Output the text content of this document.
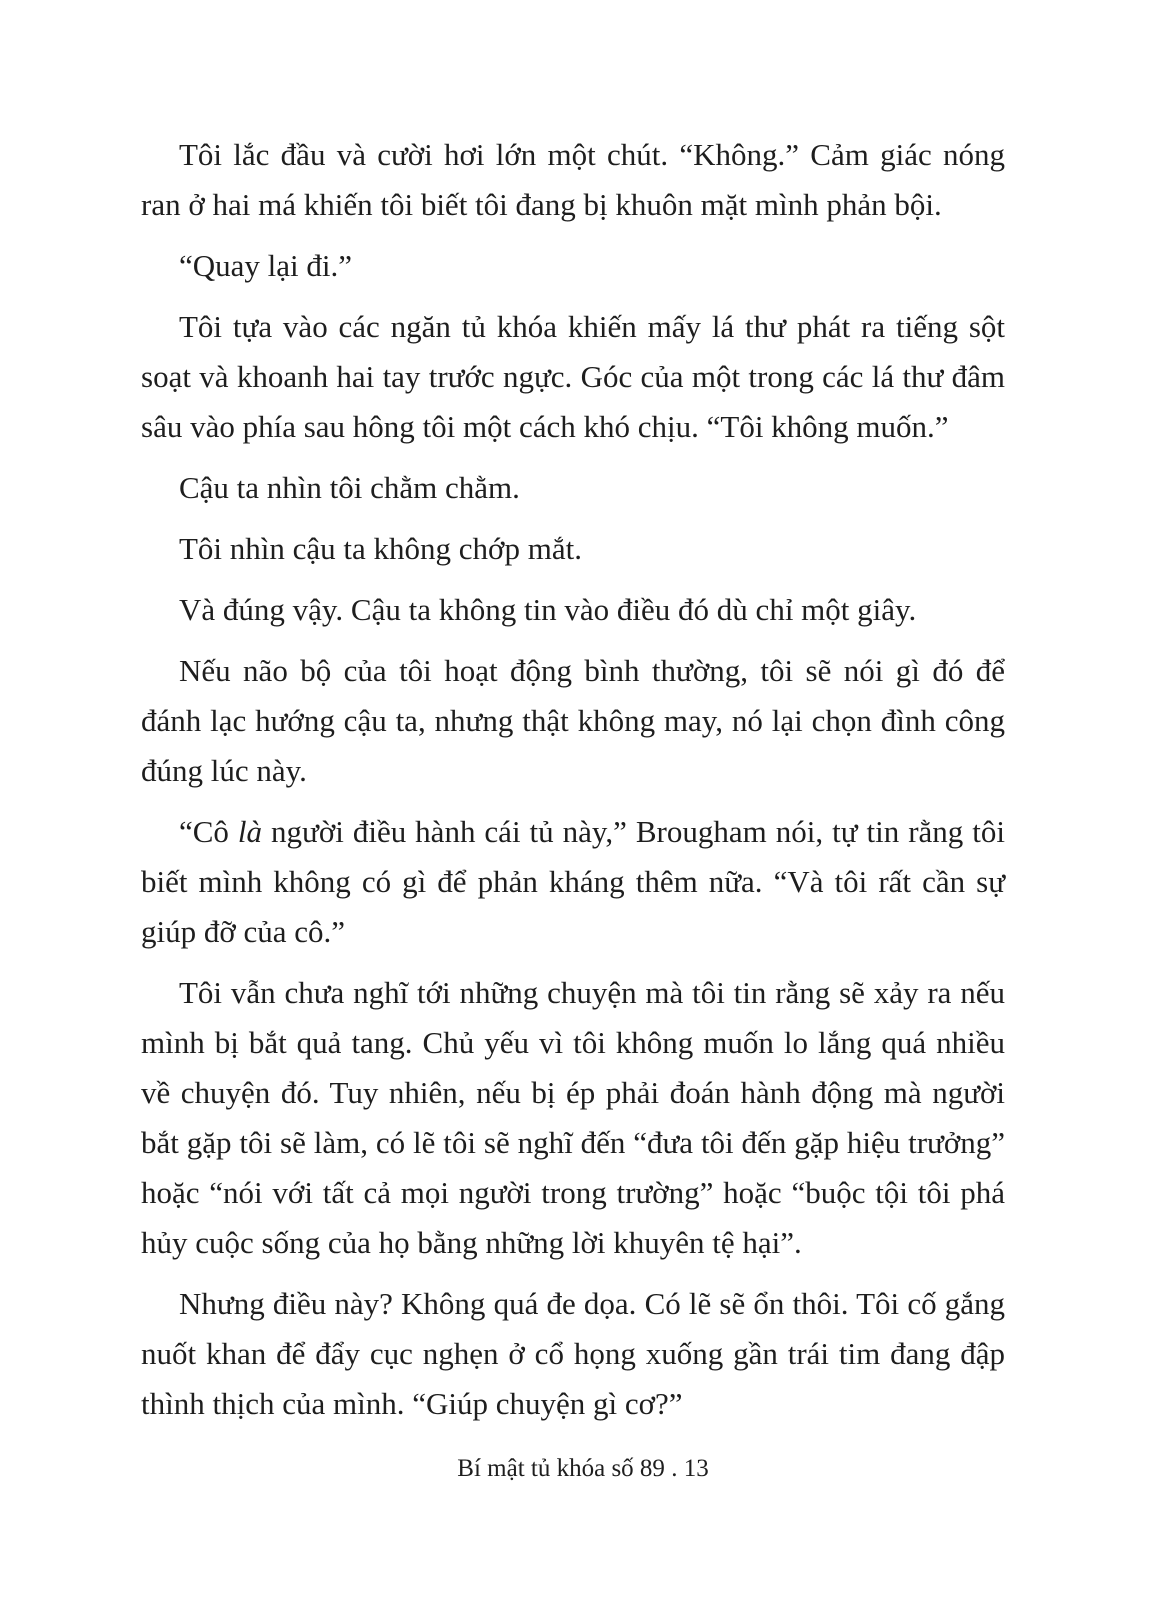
Tôi lắc đầu và cười hơi lớn một chút. “Không.” Cảm giác nóng ran ở hai má khiến tôi biết tôi đang bị khuôn mặt mình phản bội.

“Quay lại đi.”

Tôi tựa vào các ngăn tủ khóa khiến mấy lá thư phát ra tiếng sột soạt và khoanh hai tay trước ngực. Góc của một trong các lá thư đâm sâu vào phía sau hông tôi một cách khó chịu. “Tôi không muốn.”

Cậu ta nhìn tôi chằm chằm.

Tôi nhìn cậu ta không chớp mắt.

Và đúng vậy. Cậu ta không tin vào điều đó dù chỉ một giây.

Nếu não bộ của tôi hoạt động bình thường, tôi sẽ nói gì đó để đánh lạc hướng cậu ta, nhưng thật không may, nó lại chọn đình công đúng lúc này.

“Cô là người điều hành cái tủ này,” Brougham nói, tự tin rằng tôi biết mình không có gì để phản kháng thêm nữa. “Và tôi rất cần sự giúp đỡ của cô.”

Tôi vẫn chưa nghĩ tới những chuyện mà tôi tin rằng sẽ xảy ra nếu mình bị bắt quả tang. Chủ yếu vì tôi không muốn lo lắng quá nhiều về chuyện đó. Tuy nhiên, nếu bị ép phải đoán hành động mà người bắt gặp tôi sẽ làm, có lẽ tôi sẽ nghĩ đến “đưa tôi đến gặp hiệu trưởng” hoặc “nói với tất cả mọi người trong trường” hoặc “buộc tội tôi phá hủy cuộc sống của họ bằng những lời khuyên tệ hại”.

Nhưng điều này? Không quá đe dọa. Có lẽ sẽ ổn thôi. Tôi cố gắng nuốt khan để đẩy cục nghẹn ở cổ họng xuống gần trái tim đang đập thình thịch của mình. “Giúp chuyện gì cơ?”

Bí mật tủ khóa số 89 . 13
